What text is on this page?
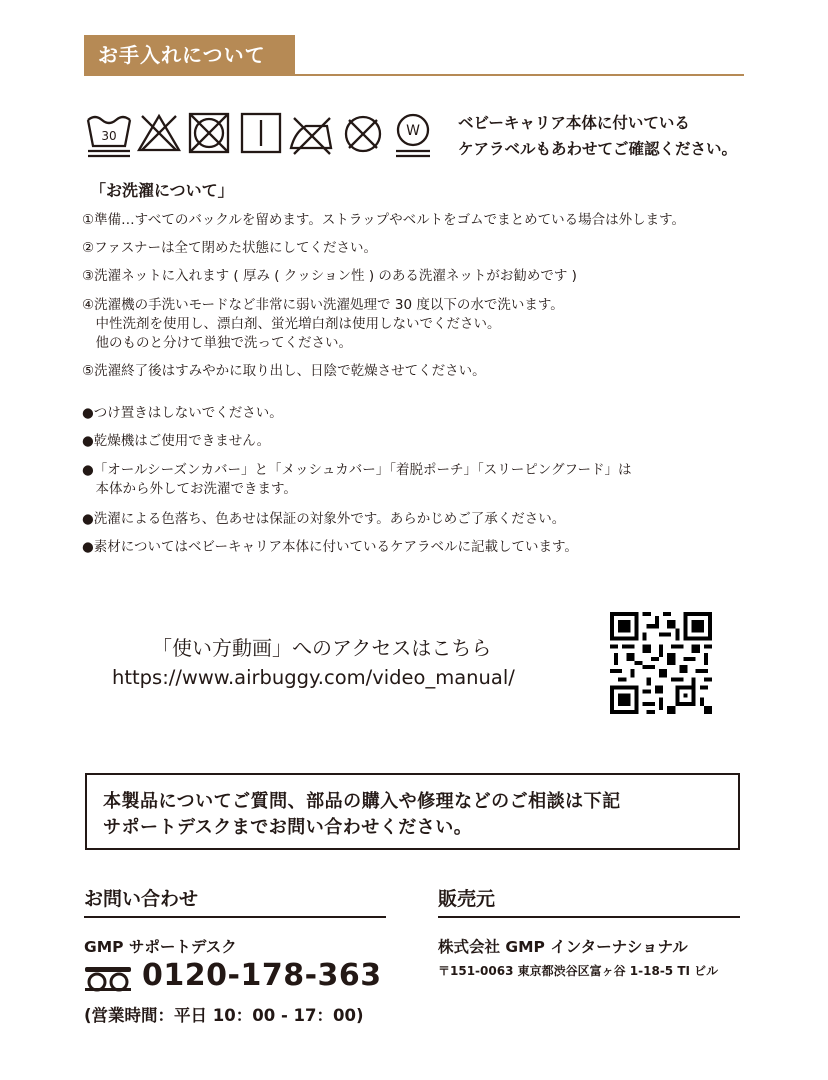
お手入れについて
30	W ベビーキャリア本体に付いている
ケアラベルもあわせてご確認ください。
「お洗濯について」
①準備…すべてのバックルを留めます。ストラップやベルトをゴムでまとめている場合は外します。
②ファスナーは全て閉めた状態にしてください。
③洗濯ネットに入れます ( 厚み ( クッション性 ) のある洗濯ネットがお勧めです )
④洗濯機の手洗いモードなど非常に弱い洗濯処理で 30 度以下の水で洗います。
　中性洗剤を使用し、漂白剤、蛍光増白剤は使用しないでください。
　他のものと分けて単独で洗ってください。
⑤洗濯終了後はすみやかに取り出し、日陰で乾燥させてください。
●つけ置きはしないでください。
●乾燥機はご使用できません。
●「オールシーズンカバー」と「メッシュカバー」「着脱ポーチ」「スリーピングフード」は
　本体から外してお洗濯できます。
●洗濯による色落ち、色あせは保証の対象外です。あらかじめご了承ください。
●素材についてはベビーキャリア本体に付いているケアラベルに記載しています。
「使い方動画」へのアクセスはこちら
https://www.airbuggy.com/video_manual/
本製品についてご質問、部品の購入や修理などのご相談は下記
サポートデスクまでお問い合わせください。
お問い合わせ
GMP サポートデスク
0120-178-363
(営業時間：平日 10：00 - 17：00)
販売元
株式会社 GMP インターナショナル
〒151-0063 東京都渋谷区富ヶ谷 1-18-5 TI ビル
